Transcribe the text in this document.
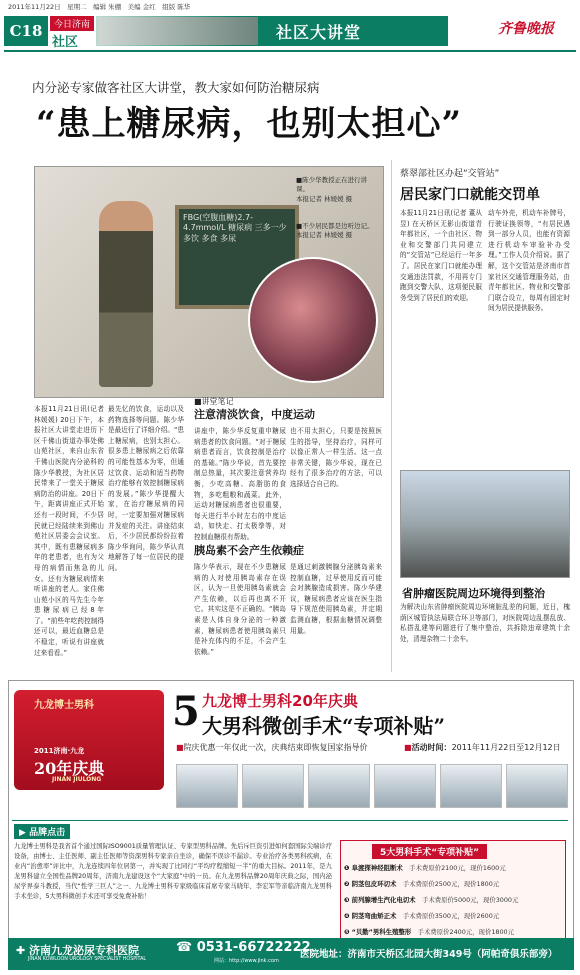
2011年11月22日　星期二　编辑 朱棚　美编 金红　组版 陈华
C18	今日济南
社区
社区大讲堂	齐鲁晚报
内分泌专家做客社区大讲堂，教大家如何防治糖尿病
“患上糖尿病，也别太担心”
FBG(空腹血糖)2.7-4.7mmol/L 糖尿病 三多一少 多饮 多食 多尿
■陈少华教授正在进行讲课。
本报记者 林媛媛 摄
■不少居民都是边听边记。
本报记者 林媛媛 摄
本报11月21日讯(记者 林媛媛) 20日下午，本报社区大讲堂走进历下区千佛山街道办事处佛山苑社区，来自山东省千佛山医院内分泌科的陈少华教授，为社区居民带来了一堂关于糖尿病防治的讲座。20日下午，距离讲座正式开始还有一段时间，不少居民就已经陆续来到佛山苑社区居委会会议室。其中，既有患糖尿病多年的老患者，也有为父母的病情而焦急的儿女。还有为糖尿病情来听讲座的老人。家住佛山苑小区的马先生今年患糖尿病已经8年了。“前些年吃药控制得还可以，最近血糖总是不稳定，听说有讲座就过来看看。”
最先忆的饮食，运动以及药物选择等问题。陈少华是最近行了详细介绍。“患上糖尿病，也别太担心。很多患上糖尿病之后依靠的可能性基本为零，但通过饮食、运动和适当药物治疗能够有效控制糖尿病的发展。”陈少华提醒大家，在治疗糖尿病的同时，一定要加强对糖尿病并发症的关注。讲座结束后，不少居民都纷纷拉着陈少华询问，陈少华认真地解答了每一位居民的提问。
■讲堂笔记
注意清淡饮食，中度运动
讲座中，陈少华反复重申糖尿病患者的饮食问题。“对于糖尿病患者而言，饮食控制是治疗的基础。”陈少华说，首先要控制总热量，其次要注意营养均衡，少吃高糖、高脂肪的食物，多吃粗粮和蔬菜。此外，运动对糖尿病患者也很重要，每天进行半小时左右的中度运动，如快走、打太极拳等，对控制血糖很有帮助。
也不用太担心，只要是按照医生的指导，坚持治疗，同样可以像正常人一样生活。这一点非常关键，陈少华说，现在已经有了很多治疗的方法，可以选择适合自己的。
胰岛素不会产生依赖症
陈少华表示，现在不少患糖尿病的人对使用胰岛素存在误区，认为一旦使用胰岛素就会产生依赖，以后再也离不开它。其实这是不正确的。“胰岛素是人体自身分泌的一种激素，糖尿病患者使用胰岛素只是补充体内的不足，不会产生依赖。”
是通过刺激胰腺分泌胰岛素来控制血糖，过早使用反而可能会对胰腺造成损害。陈少华建议，糖尿病患者应该在医生指导下规范使用胰岛素，并定期监测血糖，根据血糖情况调整用量。
蔡翠部社区办起“交管站”
居民家门口就能交罚单
本报11月21日讯(记者 董从昱) 在天桥区无影山街道青年都社区，一个由社区、物业和交警部门共同建立的“交管站”已经运行一年多了。居民在家门口就能办理交通违法罚款，不用再专门跑到交警大队，这项便民服务受到了居民们的欢迎。
动车外壳，机动车补牌号，行驶证换领等，“有居民遇到一部分人员，也能有资源进行机动车审验补办受理。”工作人员介绍说。据了解，这个交管站是济南市首家社区交通管理服务站，由青年都社区、物业和交警部门联合设立，每周有固定时间为居民提供服务。
省肿瘤医院周边环境得到整治
为解决山东省肿瘤医院周边环境脏乱差的问题，近日，槐荫区城管执法局联合环卫等部门，对医院周边乱摆乱放、私搭乱建等问题进行了集中整治，共拆除违章建筑十余处，清理杂物二十余车。
九龙博士男科
2011济南·九龙
20年庆典
JINAN JIULONG
5 九龙博士男科20年庆典
大男科微创手术“专项补贴”
■院庆优惠一年仅此一次，庆典结束即恢复国家指导价	■活动时间：2011年11月22日至12月12日
▶ 品牌点击
九龙博士男科是我省首个通过国际ISO9001质量管理认证、专家型男科品牌。先后斥巨资引进如何套国际尖端诊疗设备，由博士、主任医师、副主任医师等资深男科专家亲自坐诊，确保不误诊不漏诊。专业治疗各类男科疾病，在业内“治愈率”评比中，九龙连续四年位居第一，并实现了比同行“平均疗程缩短一半”的重大目标。2011年，是九龙男科建立全国性品牌20周年，济南九龙建设这个“大家庭”中的一员。在九龙男科品牌20周年庆典之际，国内泌尿学界泰斗教授，当代“性学三巨人”之一、九龙博士男科专家级临床首席专家马晓年、李宏军等亲临济南九龙男科手术坐诊，5大男科微创手术还可享受免费补贴！
5大男科手术“专项补贴”
❶ 阜渡探神经阻断术　手术费原价2100元，现价1600元
❷ 阴茎包皮环切术　手术费原价2500元，现价1800元
❸ 前列腺增生汽化电切术　手术费原价5000元，现价3000元
❹ 阴茎弯曲矫正术　手术费原价3500元，现价2600元
❺ “贝勤”男科生殖整形　手术费原价2400元，现价1800元
✚ 济南九龙泌尿专科医院
JINAN KOWLOON UROLOGY SPECIALIST HOSPITAL
☎ 0531-66722222
网站：http://www.jlnk.com
医院地址：济南市天桥区北园大街349号（阿帕奇俱乐部旁）
